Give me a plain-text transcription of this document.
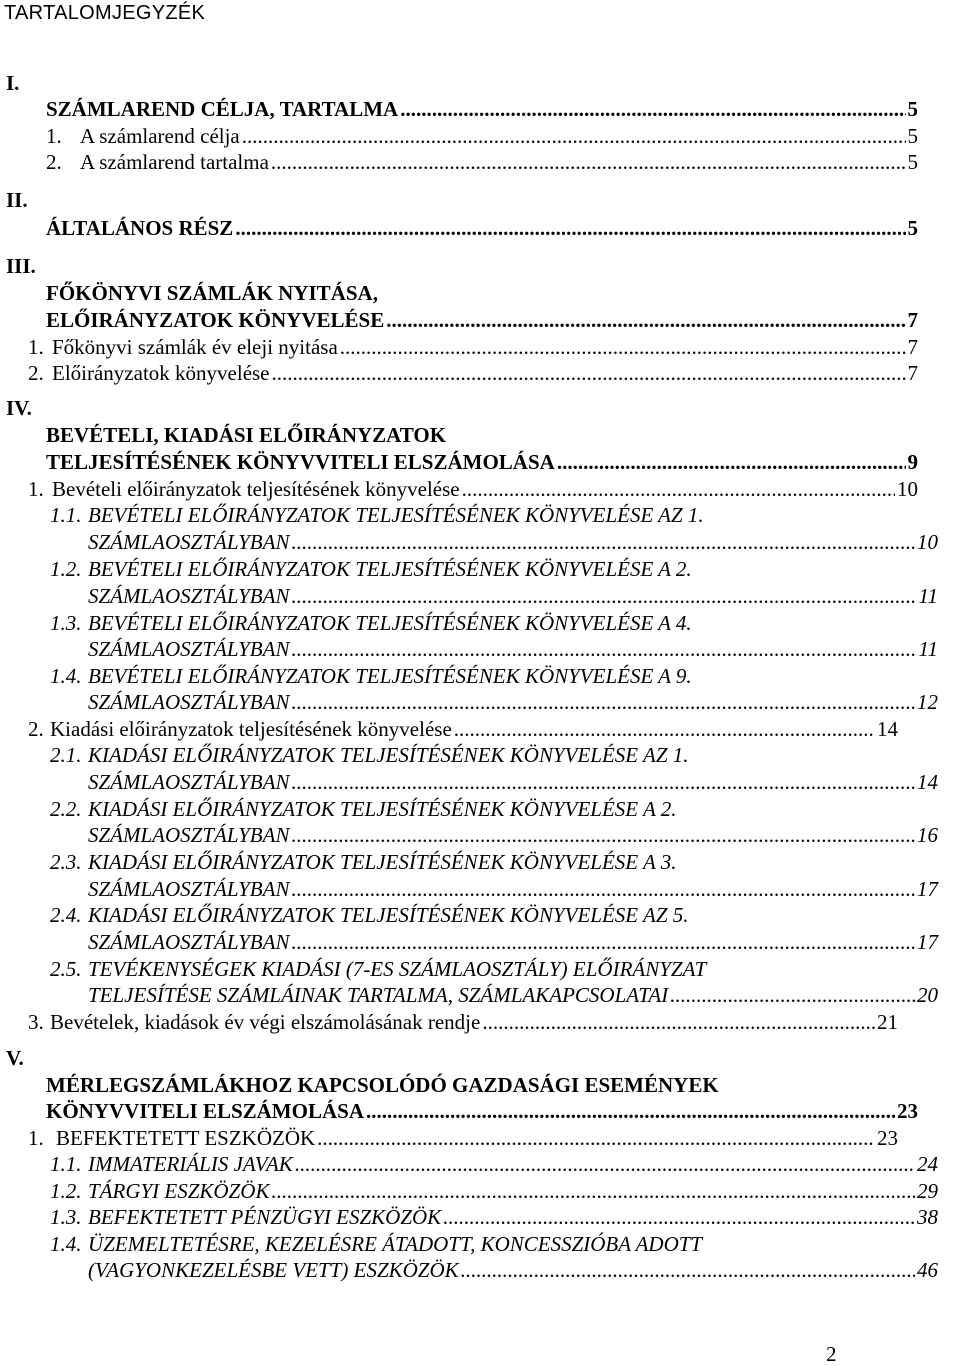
TARTALOMJEGYZÉK
I.
SZÁMLAREND CÉLJA, TARTALMA .....	5
1. A számlarend célja .....	5
2. A számlarend tartalma .....	5
II.
ÁLTALÁNOS RÉSZ .....	5
III.
FŐKÖNYVI SZÁMLÁK NYITÁSA,
ELŐIRÁNYZATOK KÖNYVELÉSE .....	7
1. Főkönyvi számlák év eleji nyitása .....	7
2. Előirányzatok könyvelése .....	7
IV.
BEVÉTELI, KIADÁSI ELŐIRÁNYZATOK
TELJESÍTÉSÉNEK KÖNYVVITELI ELSZÁMOLÁSA .....	9
1. Bevételi előirányzatok teljesítésének könyvelése .....	10
1.1. BEVÉTELI ELŐIRÁNYZATOK TELJESÍTÉSÉNEK KÖNYVELÉSE AZ 1.
SZÁMLAOSZTÁLYBAN .....	10
1.2. BEVÉTELI ELŐIRÁNYZATOK TELJESÍTÉSÉNEK KÖNYVELÉSE A 2.
SZÁMLAOSZTÁLYBAN .....	11
1.3. BEVÉTELI ELŐIRÁNYZATOK TELJESÍTÉSÉNEK KÖNYVELÉSE A 4.
SZÁMLAOSZTÁLYBAN .....	11
1.4. BEVÉTELI ELŐIRÁNYZATOK TELJESÍTÉSÉNEK KÖNYVELÉSE A 9.
SZÁMLAOSZTÁLYBAN .....	12
2. Kiadási előirányzatok teljesítésének könyvelése .....	14
2.1. KIADÁSI ELŐIRÁNYZATOK TELJESÍTÉSÉNEK KÖNYVELÉSE AZ 1.
SZÁMLAOSZTÁLYBAN .....	14
2.2. KIADÁSI ELŐIRÁNYZATOK TELJESÍTÉSÉNEK KÖNYVELÉSE A 2.
SZÁMLAOSZTÁLYBAN .....	16
2.3. KIADÁSI ELŐIRÁNYZATOK TELJESÍTÉSÉNEK KÖNYVELÉSE A 3.
SZÁMLAOSZTÁLYBAN .....	17
2.4. KIADÁSI ELŐIRÁNYZATOK TELJESÍTÉSÉNEK KÖNYVELÉSE AZ 5.
SZÁMLAOSZTÁLYBAN .....	17
2.5. TEVÉKENYSÉGEK KIADÁSI (7-ES SZÁMLAOSZTÁLY) ELŐIRÁNYZAT
TELJESÍTÉSE SZÁMLÁINAK TARTALMA, SZÁMLAKAPCSOLATAI .....	20
3. Bevételek, kiadások év végi elszámolásának rendje .....	21
V.
MÉRLEGSZÁMLÁKHOZ KAPCSOLÓDÓ GAZDASÁGI ESEMÉNYEK
KÖNYVVITELI ELSZÁMOLÁSA .....	23
1. BEFEKTETETT ESZKÖZÖK .....	23
1.1. IMMATERIÁLIS JAVAK .....	24
1.2. TÁRGYI ESZKÖZÖK .....	29
1.3. BEFEKTETETT PÉNZÜGYI ESZKÖZÖK .....	38
1.4. ÜZEMELTETÉSRE, KEZELÉSRE ÁTADOTT, KONCESSZIÓBA ADOTT
(VAGYONKEZELÉSBE VETT) ESZKÖZÖK .....	46
2
